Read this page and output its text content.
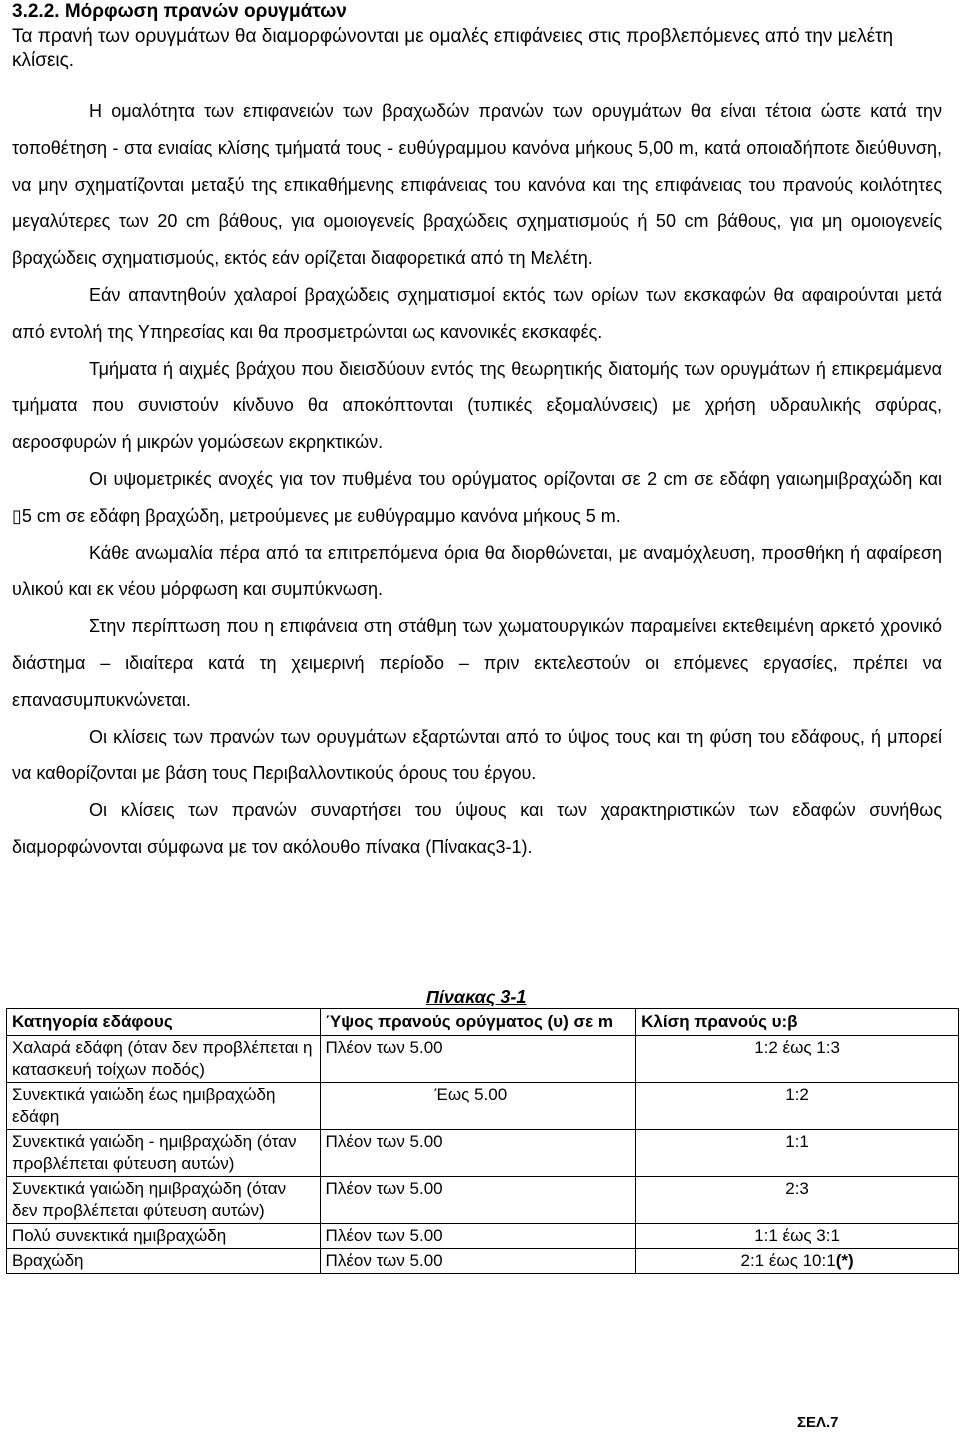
3.2.2. Μόρφωση πρανών ορυγμάτων

Τα πρανή των ορυγμάτων θα διαμορφώνονται με ομαλές επιφάνειες στις προβλεπόμενες από την μελέτη κλίσεις.

Η ομαλότητα των επιφανειών των βραχωδών πρανών των ορυγμάτων θα είναι τέτοια ώστε κατά την τοποθέτηση - στα ενιαίας κλίσης τμήματά τους - ευθύγραμμου κανόνα μήκους 5,00 m, κατά οποιαδήποτε διεύθυνση, να μην σχηματίζονται μεταξύ της επικαθήμενης επιφάνειας του κανόνα και της επιφάνειας του πρανούς κοιλότητες μεγαλύτερες των 20 cm βάθους, για ομοιογενείς βραχώδεις σχηματισμούς ή 50 cm βάθους, για μη ομοιογενείς βραχώδεις σχηματισμούς, εκτός εάν ορίζεται διαφορετικά από τη Μελέτη.

Εάν απαντηθούν χαλαροί βραχώδεις σχηματισμοί εκτός των ορίων των εκσκαφών θα αφαιρούνται μετά από εντολή της Υπηρεσίας και θα προσμετρώνται ως κανονικές εκσκαφές.

Τμήματα ή αιχμές βράχου που διεισδύουν εντός της θεωρητικής διατομής των ορυγμάτων ή επικρεμάμενα τμήματα που συνιστούν κίνδυνο θα αποκόπτονται (τυπικές εξομαλύνσεις) με χρήση υδραυλικής σφύρας, αεροσφυρών ή μικρών γομώσεων εκρηκτικών.

Οι υψομετρικές ανοχές για τον πυθμένα του ορύγματος ορίζονται σε 2 cm σε εδάφη γαιωημιβραχώδη και ▯5 cm σε εδάφη βραχώδη, μετρούμενες με ευθύγραμμο κανόνα μήκους 5 m.

Κάθε ανωμαλία πέρα από τα επιτρεπόμενα όρια θα διορθώνεται, με αναμόχλευση, προσθήκη ή αφαίρεση υλικού και εκ νέου μόρφωση και συμπύκνωση.

Στην περίπτωση που η επιφάνεια στη στάθμη των χωματουργικών παραμείνει εκτεθειμένη αρκετό χρονικό διάστημα – ιδιαίτερα κατά τη χειμερινή περίοδο – πριν εκτελεστούν οι επόμενες εργασίες, πρέπει να επανασυμπυκνώνεται.

Οι κλίσεις των πρανών των ορυγμάτων εξαρτώνται από το ύψος τους και τη φύση του εδάφους, ή μπορεί να καθορίζονται με βάση τους Περιβαλλοντικούς όρους του έργου.

Οι κλίσεις των πρανών συναρτήσει του ύψους και των χαρακτηριστικών των εδαφών συνήθως διαμορφώνονται σύμφωνα με τον ακόλουθο πίνακα (Πίνακας3-1).

Πίνακας 3-1
Κατηγορία εδάφους	Ύψος πρανούς ορύγματος (υ) σε m	Κλίση πρανούς υ:β
Χαλαρά εδάφη (όταν δεν προβλέπεται η κατασκευή τοίχων ποδός)	Πλέον των 5.00	1:2 έως 1:3
Συνεκτικά γαιώδη έως ημιβραχώδη εδάφη	Έως 5.00	1:2
Συνεκτικά γαιώδη - ημιβραχώδη (όταν προβλέπεται φύτευση αυτών)	Πλέον των 5.00	1:1
Συνεκτικά γαιώδη ημιβραχώδη (όταν δεν προβλέπεται φύτευση αυτών)	Πλέον των 5.00	2:3
Πολύ συνεκτικά ημιβραχώδη	Πλέον των 5.00	1:1 έως 3:1
Βραχώδη	Πλέον των 5.00	2:1 έως 10:1(*)
ΣΕΛ.7
